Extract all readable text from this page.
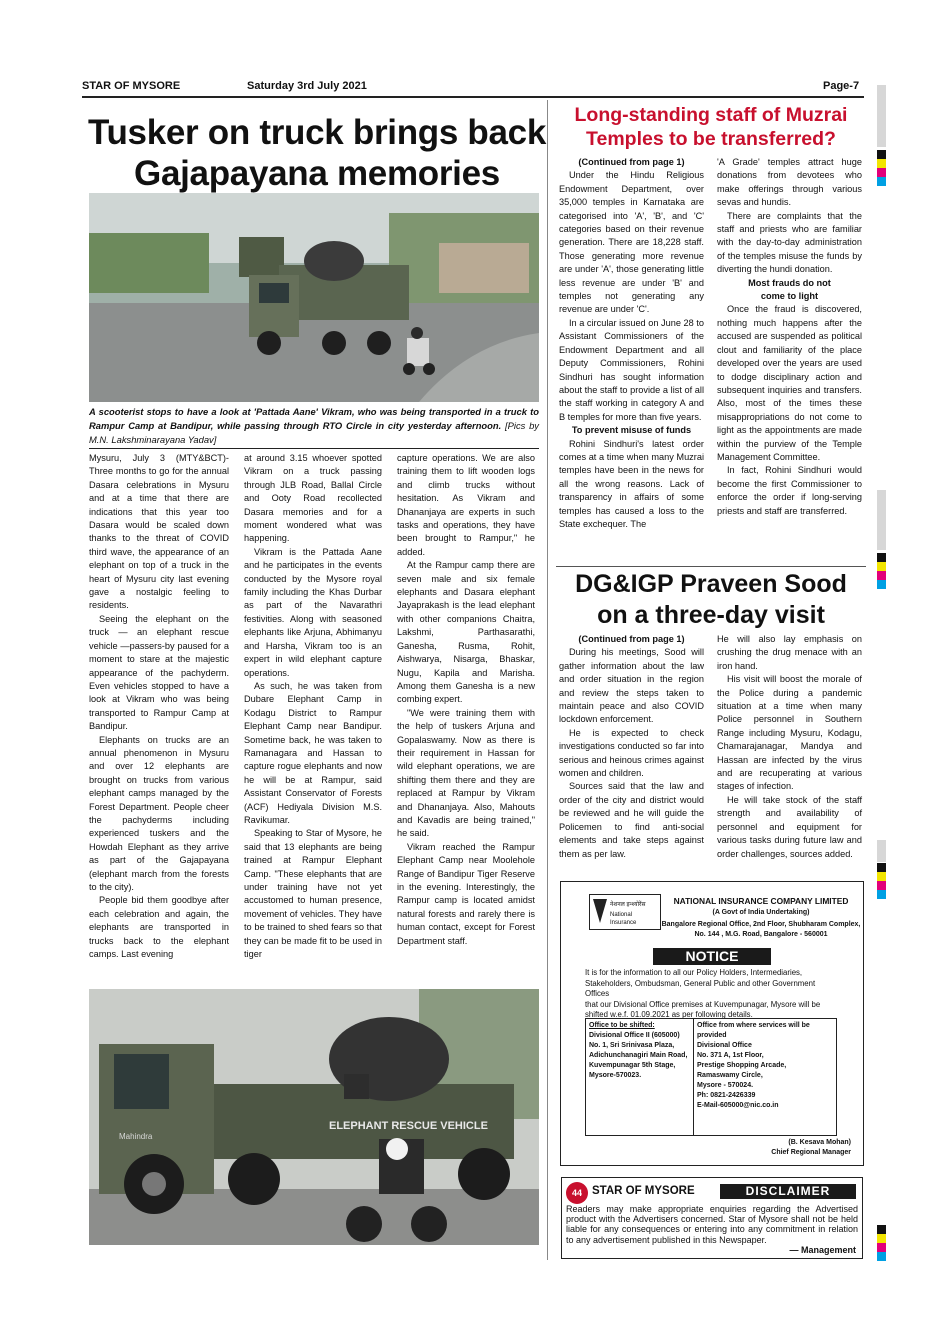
STAR OF MYSORE	Saturday 3rd July 2021	Page-7
Tusker on truck brings back
Gajapayana memories
A scooterist stops to have a look at 'Pattada Aane' Vikram, who was being transported in a truck to Rampur Camp at Bandipur, while passing through RTO Circle in city yesterday afternoon. [Pics by M.N. Lakshminarayana Yadav]

Mysuru, July 3 (MTY&BCT)- Three months to go for the annual Dasara celebrations in Mysuru and at a time that there are indications that this year too Dasara would be scaled down thanks to the threat of COVID third wave, the appearance of an elephant on top of a truck in the heart of Mysuru city last evening gave a nostalgic feeling to residents.

Seeing the elephant on the truck — an elephant rescue vehicle —passers-by paused for a moment to stare at the majestic appearance of the pachyderm. Even vehicles stopped to have a look at Vikram who was being transported to Rampur Camp at Bandipur.

Elephants on trucks are an annual phenomenon in Mysuru and over 12 elephants are brought on trucks from various elephant camps managed by the Forest Department. People cheer the pachyderms including experienced tuskers and the Howdah Elephant as they arrive as part of the Gajapayana (elephant march from the forests to the city).

People bid them goodbye after each celebration and again, the elephants are transported in trucks back to the elephant camps. Last evening

at around 3.15 whoever spotted Vikram on a truck passing through JLB Road, Ballal Circle and Ooty Road recollected Dasara memories and for a moment wondered what was happening.

Vikram is the Pattada Aane and he participates in the events conducted by the Mysore royal family including the Khas Durbar as part of the Navarathri festivities. Along with seasoned elephants like Arjuna, Abhimanyu and Harsha, Vikram too is an expert in wild elephant capture operations.

As such, he was taken from Dubare Elephant Camp in Kodagu District to Rampur Elephant Camp near Bandipur. Sometime back, he was taken to Ramanagara and Hassan to capture rogue elephants and now he will be at Rampur, said Assistant Conservator of Forests (ACF) Hediyala Division M.S. Ravikumar.

Speaking to Star of Mysore, he said that 13 elephants are being trained at Rampur Elephant Camp. "These elephants that are under training have not yet accustomed to human presence, movement of vehicles. They have to be trained to shed fears so that they can be made fit to be used in tiger

capture operations. We are also training them to lift wooden logs and climb trucks without hesitation. As Vikram and Dhananjaya are experts in such tasks and operations, they have been brought to Rampur," he added.

At the Rampur camp there are seven male and six female elephants and Dasara elephant Jayaprakash is the lead elephant with other companions Chaitra, Lakshmi, Parthasarathi, Ganesha, Rusma, Rohit, Aishwarya, Nisarga, Bhaskar, Nugu, Kapila and Marisha. Among them Ganesha is a new combing expert.

"We were training them with the help of tuskers Arjuna and Gopalaswamy. Now as there is their requirement in Hassan for wild elephant operations, we are shifting them there and they are replaced at Rampur by Vikram and Dhananjaya. Also, Mahouts and Kavadis are being trained," he said.

Vikram reached the Rampur Elephant Camp near Moolehole Range of Bandipur Tiger Reserve in the evening. Interestingly, the Rampur camp is located amidst natural forests and rarely there is human contact, except for Forest Department staff.

ELEPHANT RESCUE VEHICLE
Mahindra
Long-standing staff of Muzrai
Temples to be transferred?

(Continued from page 1)

Under the Hindu Religious Endowment Department, over 35,000 temples in Karnataka are categorised into 'A', 'B', and 'C' categories based on their revenue generation. There are 18,228 staff. Those generating more revenue are under 'A', those generating little less revenue are under 'B' and temples not generating any revenue are under 'C'.

In a circular issued on June 28 to Assistant Commissioners of the Endowment Department and all Deputy Commissioners, Rohini Sindhuri has sought information about the staff to provide a list of all the staff working in category A and B temples for more than five years.

To prevent misuse of funds

Rohini Sindhuri's latest order comes at a time when many Muzrai temples have been in the news for all the wrong reasons. Lack of transparency in affairs of some temples has caused a loss to the State exchequer. The

'A Grade' temples attract huge donations from devotees who make offerings through various sevas and hundis.

There are complaints that the staff and priests who are familiar with the day-to-day administration of the temples misuse the funds by diverting the hundi donation.

Most frauds do not

come to light

Once the fraud is discovered, nothing much happens after the accused are suspended as political clout and familiarity of the place developed over the years are used to dodge disciplinary action and subsequent inquiries and transfers. Also, most of the times these misappropriations do not come to light as the appointments are made within the purview of the Temple Management Committee.

In fact, Rohini Sindhuri would become the first Commissioner to enforce the order if long-serving priests and staff are transferred.

DG&IGP Praveen Sood
on a three-day visit

(Continued from page 1)

During his meetings, Sood will gather information about the law and order situation in the region and review the steps taken to maintain peace and also COVID lockdown enforcement.

He is expected to check investigations conducted so far into serious and heinous crimes against women and children.

Sources said that the law and order of the city and district would be reviewed and he will guide the Policemen to find anti-social elements and take steps against them as per law.

He will also lay emphasis on crushing the drug menace with an iron hand.

His visit will boost the morale of the Police during a pandemic situation at a time when many Police personnel in Southern Range including Mysuru, Kodagu, Chamarajanagar, Mandya and Hassan are infected by the virus and are recuperating at various stages of infection.

He will take stock of the staff strength and availability of personnel and equipment for various tasks during future law and order challenges, sources added.

नेशनल इन्श्योरेंस
National Insurance
NATIONAL INSURANCE COMPANY LIMITED
(A Govt of India Undertaking)
Bangalore Regional Office, 2nd Floor, Shubharam Complex,
No. 144 , M.G. Road, Bangalore - 560001
NOTICE
It is for the information to all our Policy Holders, Intermediaries,
Stakeholders, Ombudsman, General Public and other Government Offices
that our Divisional Office premises at Kuvempunagar, Mysore will be
shifted w.e.f. 01.09.2021 as per following details.
Office to be shifted:
Divisional Office II (605000)
No. 1, Sri Srinivasa Plaza,
Adichunchanagiri Main Road,
Kuvempunagar 5th Stage,
Mysore-570023.
Office from where services will be
provided
Divisional Office
No. 371 A, 1st Floor,
Prestige Shopping Arcade,
Ramaswamy Circle,
Mysore - 570024.
Ph: 0821-2426339
E-Mail-605000@nic.co.in
(B. Kesava Mohan)
Chief Regional Manager
44 STAR OF MYSORE	DISCLAIMER
Readers may make appropriate enquiries regarding the Advertised product with the Advertisers concerned. Star of Mysore shall not be held liable for any consequences or entering into any commitment in relation to any advertisement published in this Newspaper.
— Management
